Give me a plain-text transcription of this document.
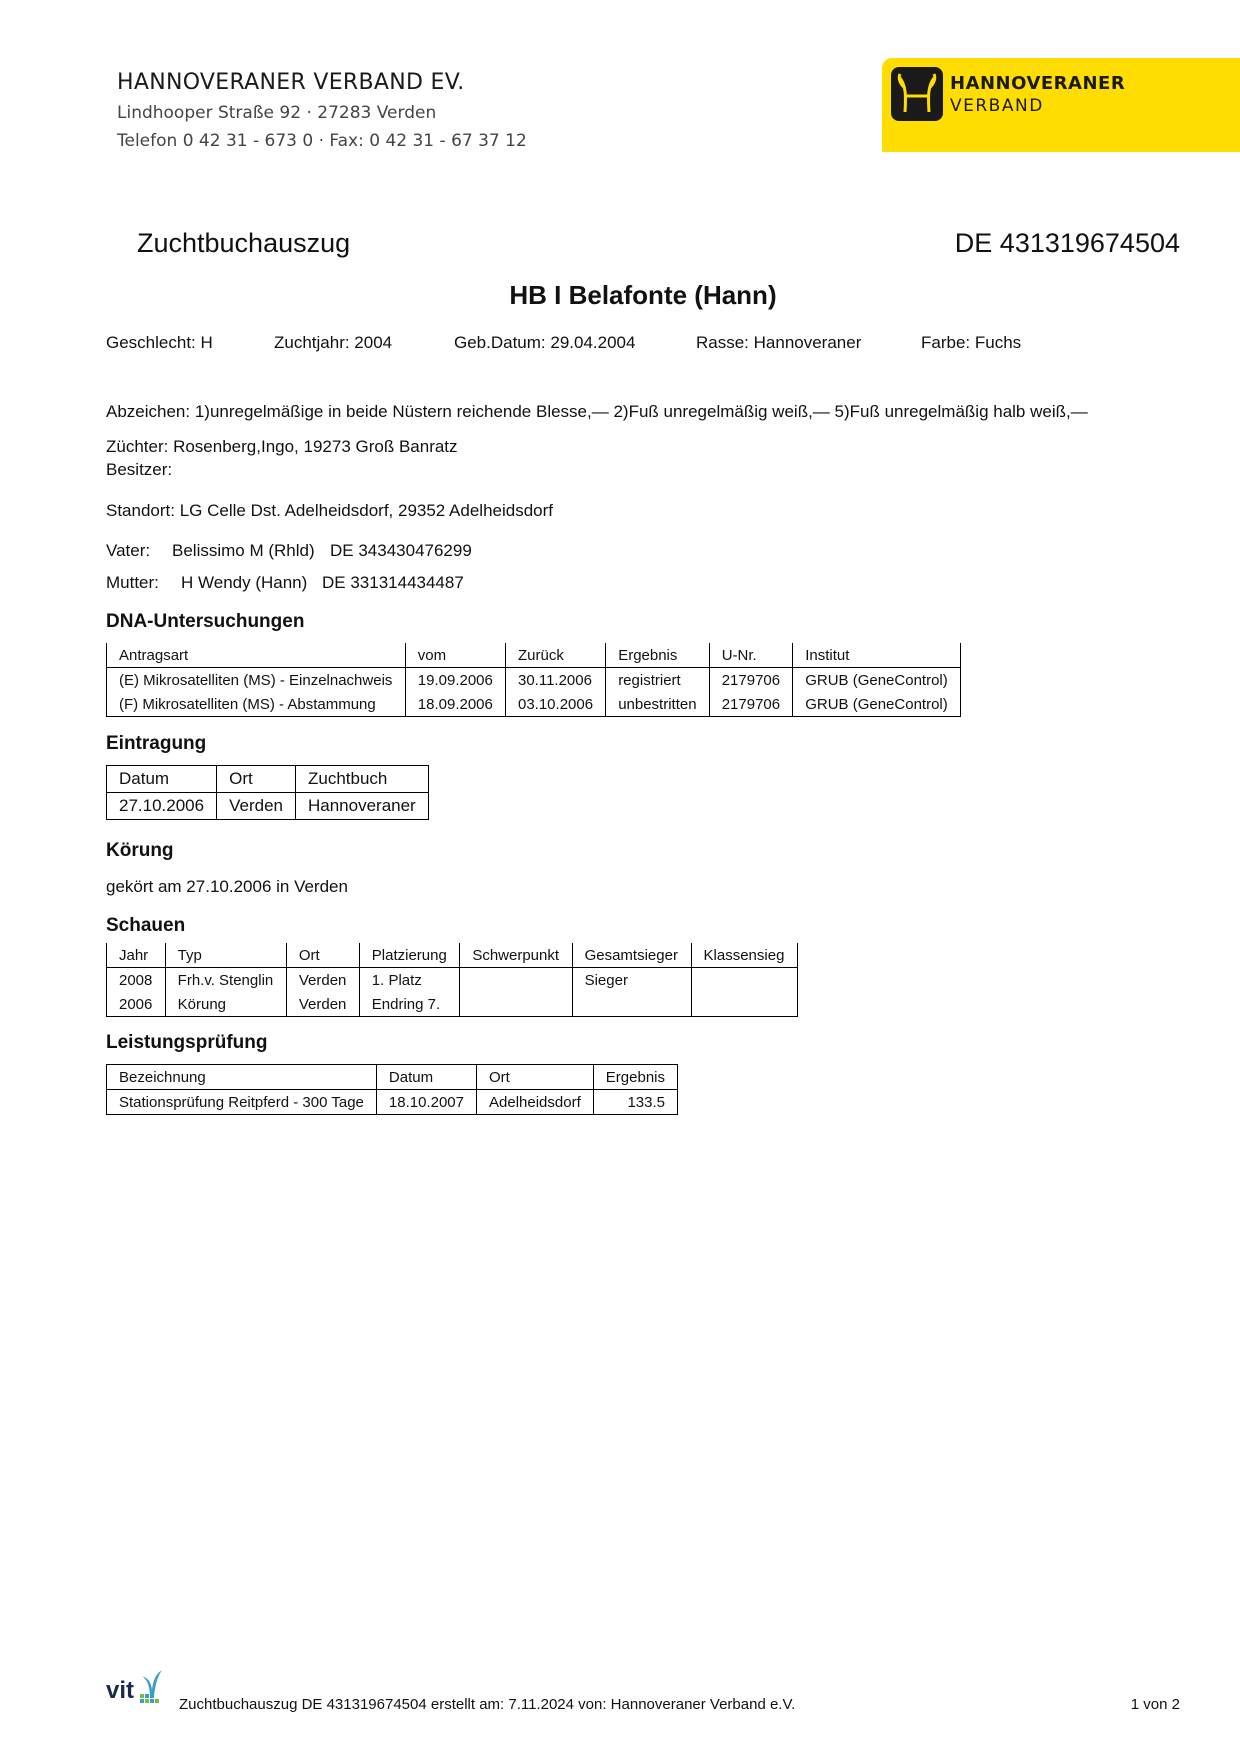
HANNOVERANER VERBAND EV.
Lindhooper Straße 92 · 27283 Verden
Telefon 0 42 31 - 673 0 · Fax: 0 42 31 - 67 37 12
HANNOVERANER
VERBAND
Zuchtbuchauszug	DE 431319674504
HB I Belafonte (Hann)
Geschlecht: H	Zuchtjahr: 2004	Geb.Datum: 29.04.2004	Rasse: Hannoveraner	Farbe: Fuchs
Abzeichen: 1)unregelmäßige in beide Nüstern reichende Blesse,— 2)Fuß unregelmäßig weiß,— 5)Fuß unregelmäßig halb weiß,—
Züchter: Rosenberg,Ingo, 19273 Groß Banratz
Besitzer:
Standort: LG Celle Dst. Adelheidsdorf, 29352 Adelheidsdorf
Vater: Belissimo M (Rhld) DE 343430476299
Mutter: H Wendy (Hann) DE 331314434487
DNA-Untersuchungen
Antragsart	vom	Zurück	Ergebnis	U-Nr.	Institut
(E) Mikrosatelliten (MS) - Einzelnachweis	19.09.2006	30.11.2006	registriert	2179706	GRUB (GeneControl)
(F) Mikrosatelliten (MS) - Abstammung	18.09.2006	03.10.2006	unbestritten	2179706	GRUB (GeneControl)
Eintragung
Datum	Ort	Zuchtbuch
27.10.2006	Verden	Hannoveraner
Körung
gekört am 27.10.2006 in Verden
Schauen
Jahr	Typ	Ort	Platzierung	Schwerpunkt	Gesamtsieger	Klassensieg
2008	Frh.v. Stenglin	Verden	1. Platz		Sieger	
2006	Körung	Verden	Endring 7.			
Leistungsprüfung
Bezeichnung	Datum	Ort	Ergebnis
Stationsprüfung Reitpferd - 300 Tage	18.10.2007	Adelheidsdorf	133.5
vit
Zuchtbuchauszug DE 431319674504 erstellt am: 7.11.2024 von: Hannoveraner Verband e.V.	1 von 2
